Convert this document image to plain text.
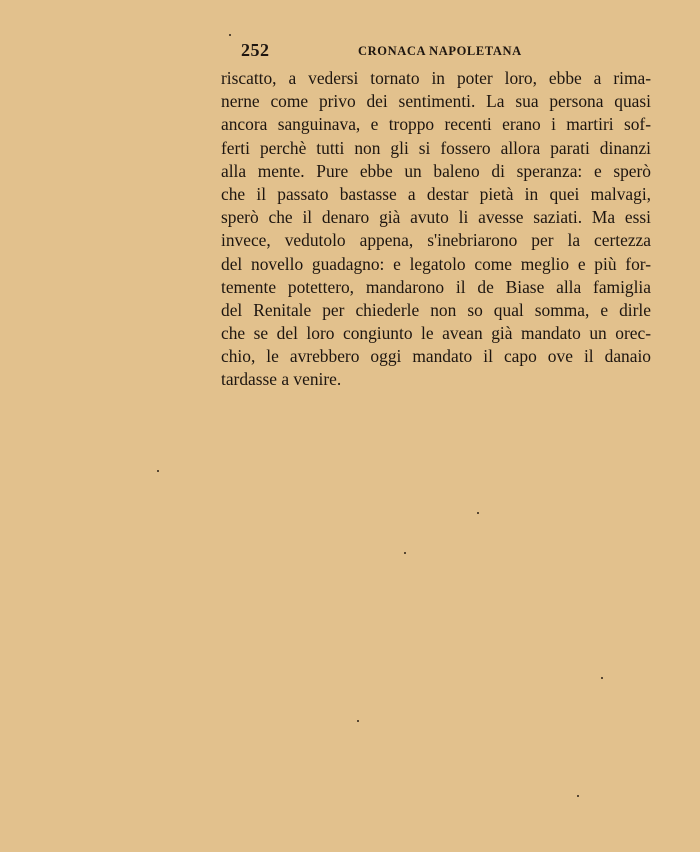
252	CRONACA NAPOLETANA
riscatto, a vedersi tornato in poter loro, ebbe a rima-
nerne come privo dei sentimenti. La sua persona quasi
ancora sanguinava, e troppo recenti erano i martiri sof-
ferti perchè tutti non gli si fossero allora parati dinanzi
alla mente. Pure ebbe un baleno di speranza: e sperò
che il passato bastasse a destar pietà in quei malvagi,
sperò che il denaro già avuto li avesse saziati. Ma essi
invece, vedutolo appena, s'inebriarono per la certezza
del novello guadagno: e legatolo come meglio e più for-
temente potettero, mandarono il de Biase alla famiglia
del Renitale per chiederle non so qual somma, e dirle
che se del loro congiunto le avean già mandato un orec-
chio, le avrebbero oggi mandato il capo ove il danaio
tardasse a venire.
